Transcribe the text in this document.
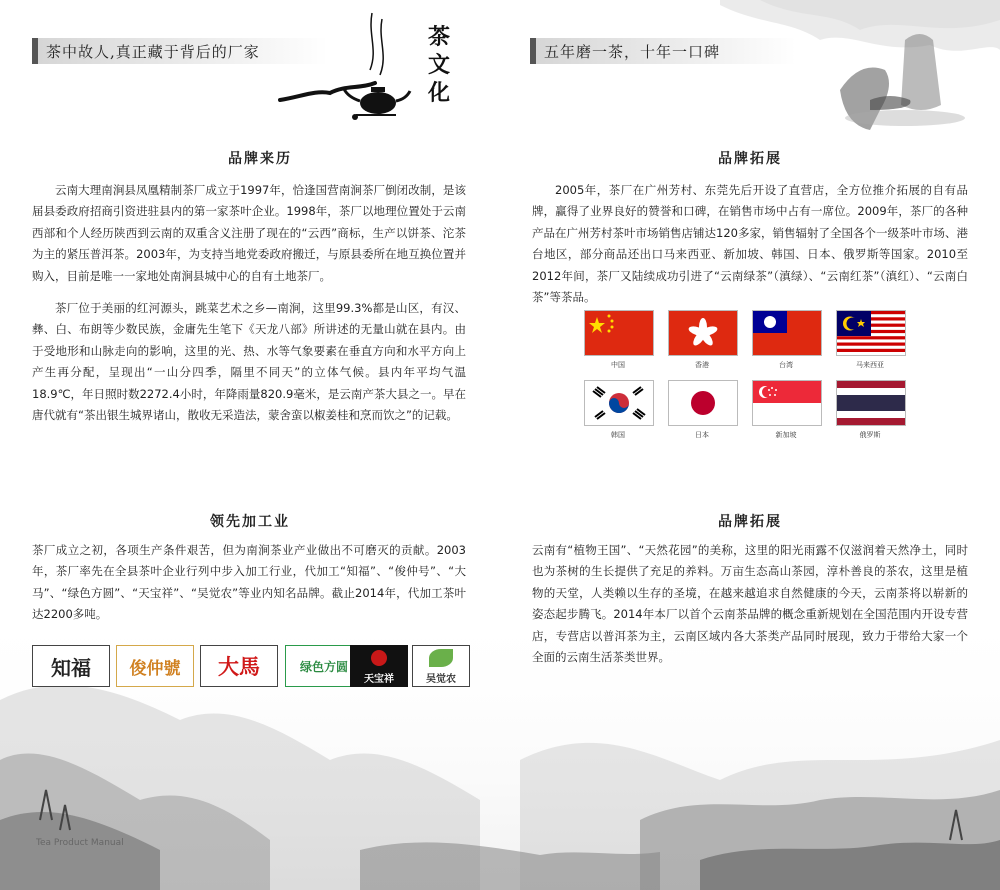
茶中故人,真正藏于背后的厂家	五年磨一茶，十年一口碑
茶文化
品牌来历

云南大理南涧县凤凰精制茶厂成立于1997年，恰逢国营南涧茶厂倒闭改制，是该届县委政府招商引资进驻县内的第一家茶叶企业。1998年，茶厂以地理位置处于云南西部和个人经历陕西到云南的双重含义注册了现在的“云西”商标，生产以饼茶、沱茶为主的紧压普洱茶。2003年，为支持当地党委政府搬迁，与原县委所在地互换位置并购入，目前是唯一一家地处南涧县城中心的自有土地茶厂。

茶厂位于美丽的红河源头，跳菜艺术之乡—南涧，这里99.3%都是山区，有汉、彝、白、布朗等少数民族，金庸先生笔下《天龙八部》所讲述的无量山就在县内。由于受地形和山脉走向的影响，这里的光、热、水等气象要素在垂直方向和水平方向上产生再分配，呈现出“一山分四季，隔里不同天”的立体气候。县内年平均气温18.9℃，年日照时数2272.4小时，年降雨量820.9毫米，是云南产茶大县之一。早在唐代就有“茶出银生城界诸山，散收无采造法，蒙舍蛮以椒姜桂和烹而饮之”的记载。

品牌拓展

2005年，茶厂在广州芳村、东莞先后开设了直营店，全方位推介拓展的自有品牌，赢得了业界良好的赞誉和口碑，在销售市场中占有一席位。2009年，茶厂的各种产品在广州芳村茶叶市场销售店铺达120多家，销售辐射了全国各个一级茶叶市场、港台地区，部分商品还出口马来西亚、新加坡、韩国、日本、俄罗斯等国家。2010至2012年间，茶厂又陆续成功引进了“云南绿茶”（滇绿）、“云南红茶”（滇红）、“云南白茶”等茶品。

中国	香港	台湾	马来西亚
韩国	日本	新加坡	俄罗斯
领先加工业

茶厂成立之初，各项生产条件艰苦，但为南涧茶业产业做出不可磨灭的贡献。2003年，茶厂率先在全县茶叶企业行列中步入加工行业，代加工“知福”、“俊仲号”、“大马”、“绿色方圆”、“天宝祥”、“吴觉农”等业内知名品牌。截止2014年，代加工茶叶达2200多吨。

知福 俊仲號 大馬	绿色方圆
天宝祥	吴觉农
品牌拓展

云南有“植物王国”、“天然花园”的美称，这里的阳光雨露不仅滋润着天然净土，同时也为茶树的生长提供了充足的养料。万亩生态高山茶园，淳朴善良的茶农，这里是植物的天堂，人类赖以生存的圣境，在越来越追求自然健康的今天，云南茶将以崭新的姿态起步腾飞。2014年本厂以首个云南茶品牌的概念重新规划在全国范围内开设专营店，专营店以普洱茶为主，云南区域内各大茶类产品同时展现，致力于带给大家一个全面的云南生活茶类世界。

Tea Product Manual
